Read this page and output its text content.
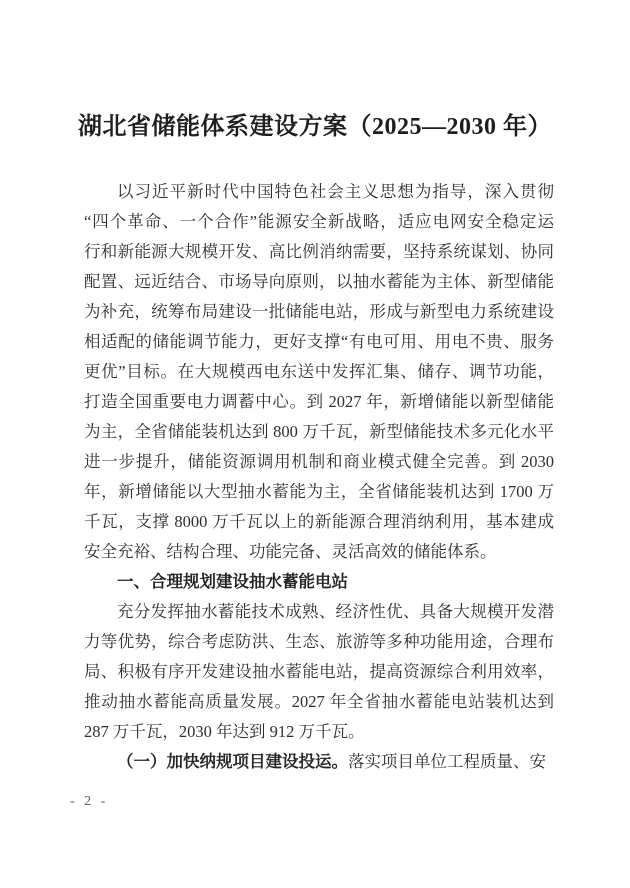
湖北省储能体系建设方案（2025—2030 年）
以习近平新时代中国特色社会主义思想为指导，深入贯彻
“四个革命、一个合作”能源安全新战略，适应电网安全稳定运
行和新能源大规模开发、高比例消纳需要，坚持系统谋划、协同
配置、远近结合、市场导向原则，以抽水蓄能为主体、新型储能
为补充，统筹布局建设一批储能电站，形成与新型电力系统建设
相适配的储能调节能力，更好支撑“有电可用、用电不贵、服务
更优”目标。在大规模西电东送中发挥汇集、储存、调节功能，
打造全国重要电力调蓄中心。到 2027 年，新增储能以新型储能
为主，全省储能装机达到 800 万千瓦，新型储能技术多元化水平
进一步提升，储能资源调用机制和商业模式健全完善。到 2030
年，新增储能以大型抽水蓄能为主，全省储能装机达到 1700 万
千瓦，支撑 8000 万千瓦以上的新能源合理消纳利用，基本建成
安全充裕、结构合理、功能完备、灵活高效的储能体系。
一、合理规划建设抽水蓄能电站
充分发挥抽水蓄能技术成熟、经济性优、具备大规模开发潜
力等优势，综合考虑防洪、生态、旅游等多种功能用途，合理布
局、积极有序开发建设抽水蓄能电站，提高资源综合利用效率，
推动抽水蓄能高质量发展。2027 年全省抽水蓄能电站装机达到
287 万千瓦，2030 年达到 912 万千瓦。
（一）加快纳规项目建设投运。落实项目单位工程质量、安
- 2 -
